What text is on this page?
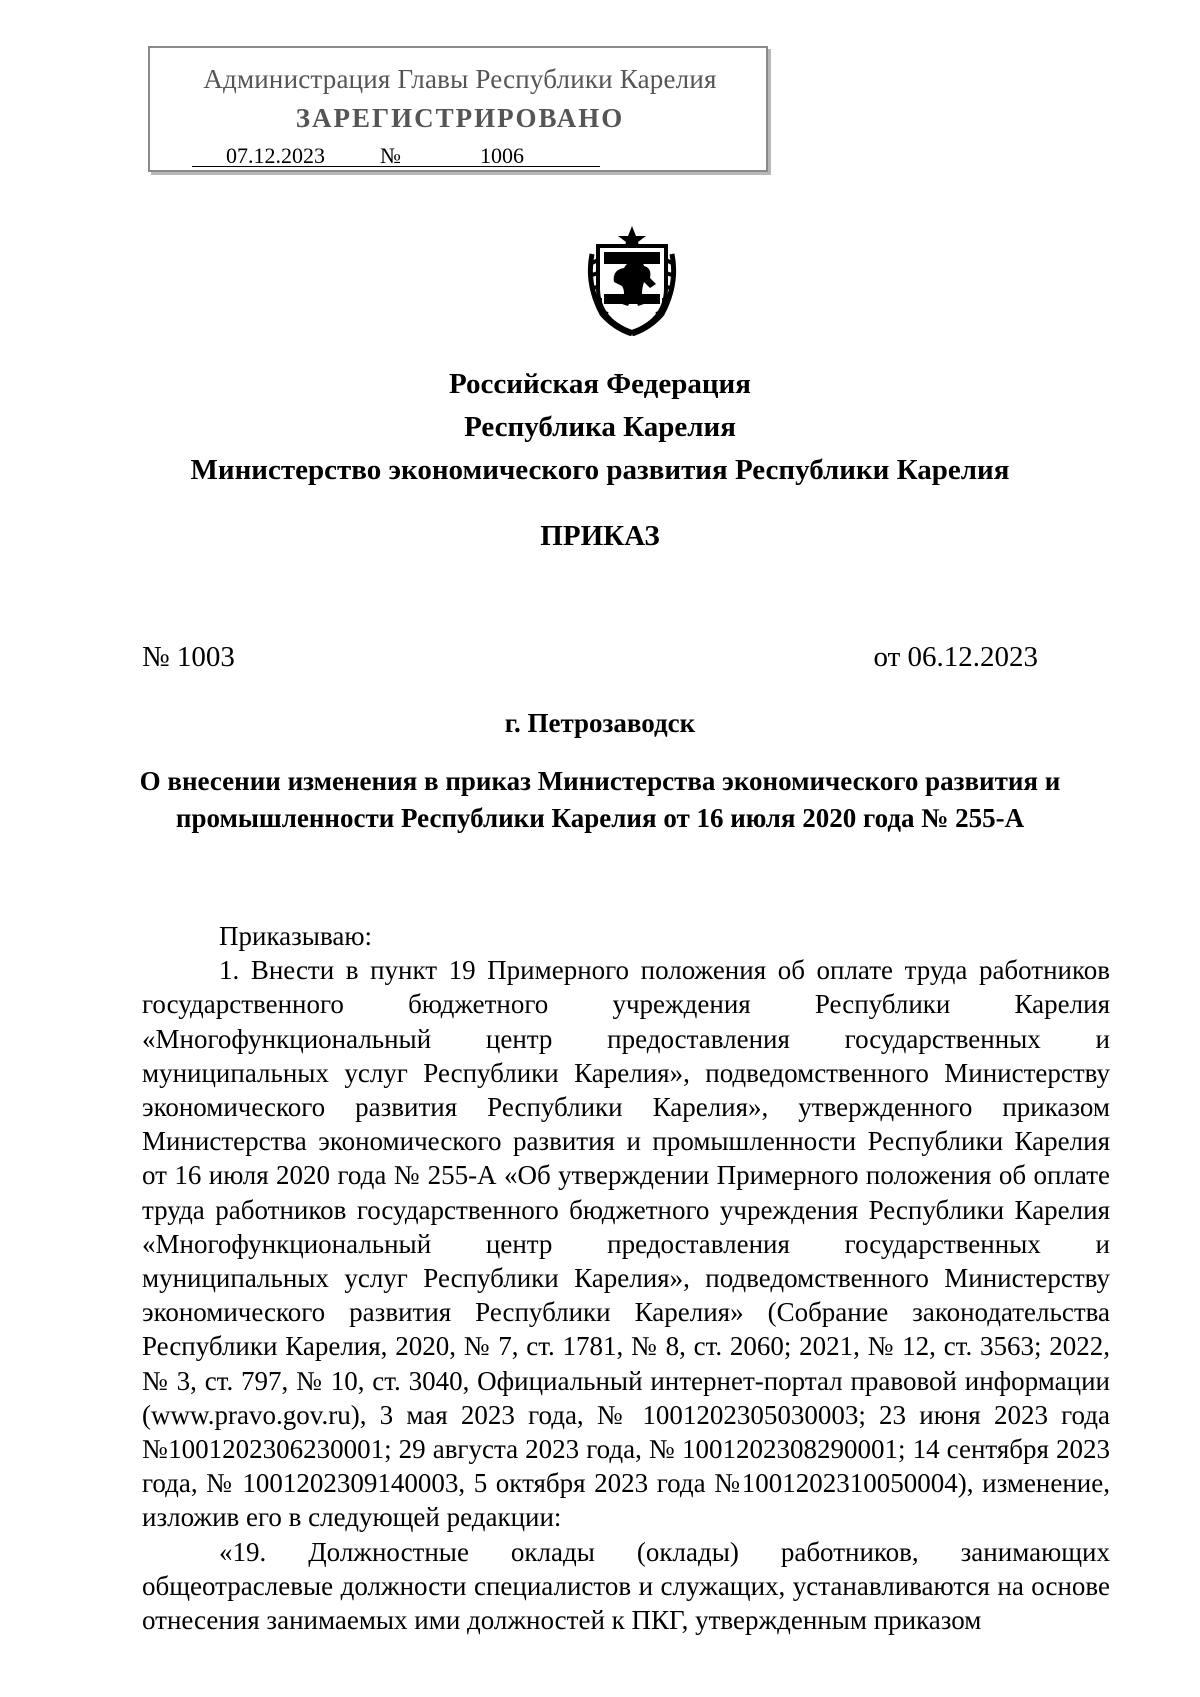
Администрация Главы Республики Карелия
ЗАРЕГИСТРИРОВАНО
07.12.2023	№	1006
Российская Федерация
Республика Карелия
Министерство экономического развития Республики Карелия
ПРИКАЗ
№ 1003	от 06.12.2023
г. Петрозаводск
О внесении изменения в приказ Министерства экономического развития и
промышленности Республики Карелия от 16 июля 2020 года № 255-А

Приказываю:

1. Внести в пункт 19 Примерного положения об оплате труда работников государственного бюджетного учреждения Республики Карелия «Многофункциональный центр предоставления государственных и муниципальных услуг Республики Карелия», подведомственного Министерству экономического развития Республики Карелия», утвержденного приказом Министерства экономического развития и промышленности Республики Карелия от 16 июля 2020 года № 255-А «Об утверждении Примерного положения об оплате труда работников государственного бюджетного учреждения Республики Карелия «Многофункциональный центр предоставления государственных и муниципальных услуг Республики Карелия», подведомственного Министерству экономического развития Республики Карелия» (Собрание законодательства Республики Карелия, 2020, № 7, ст. 1781, № 8, ст. 2060; 2021, № 12, ст. 3563; 2022, № 3, ст. 797, № 10, ст. 3040, Официальный интернет-портал правовой информации (www.pravo.gov.ru), 3 мая 2023 года, № 1001202305030003; 23 июня 2023 года №1001202306230001; 29 августа 2023 года, № 1001202308290001; 14 сентября 2023 года, № 1001202309140003, 5 октября 2023 года №1001202310050004), изменение, изложив его в следующей редакции:

«19. Должностные оклады (оклады) работников, занимающих общеотраслевые должности специалистов и служащих, устанавливаются на основе отнесения занимаемых ими должностей к ПКГ, утвержденным приказом
